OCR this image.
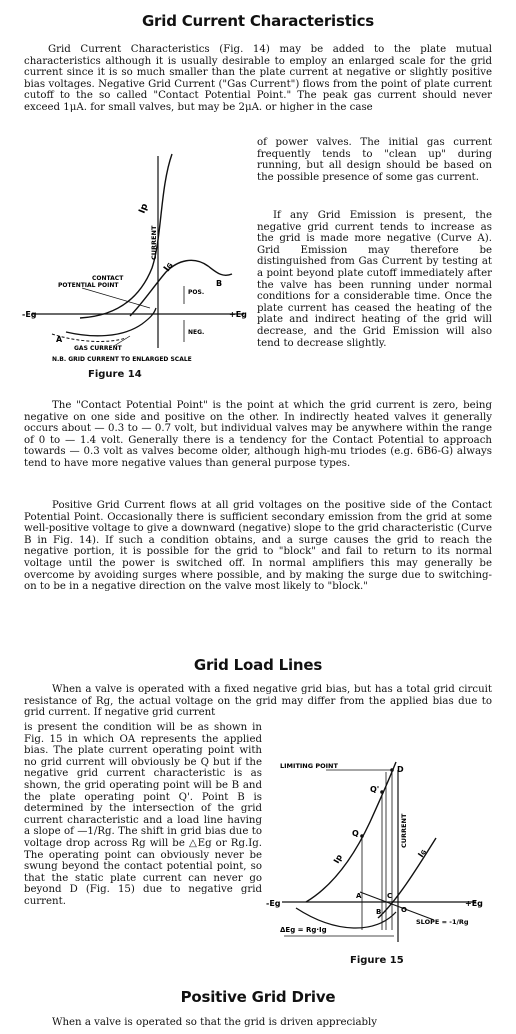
Grid Current Characteristics

Grid Current Characteristics (Fig. 14) may be added to the plate mutual characteristics although it is usually desirable to employ an enlarged scale for the grid current since it is so much smaller than the plate current at negative or slightly positive bias voltages. Negative Grid Current ("Gas Current") flows from the point of plate current cutoff to the so called "Contact Potential Point." The peak gas current should never exceed 1μA. for small valves, but may be 2μA. or higher in the case

of power valves. The initial gas current frequently tends to "clean up" during running, but all design should be based on the possible presence of some gas current.

If any Grid Emission is present, the negative grid current tends to increase as the grid is made more negative (Curve A). Grid Emission may therefore be distinguished from Gas Current by testing at a point beyond plate cutoff immediately after the valve has been running under normal conditions for a considerable time. Once the plate current has ceased the heating of the plate and indirect heating of the grid will decrease, and the Grid Emission will also tend to decrease slightly.

Iр
Iɢ
CURRENT
CONTACT
POTENTIAL POINT
POS.
NEG.
B
A
GAS CURRENT
-Eg	+Eg
N.B. GRID CURRENT TO ENLARGED SCALE
Figure 14

The "Contact Potential Point" is the point at which the grid current is zero, being negative on one side and positive on the other. In indirectly heated valves it generally occurs about — 0.3 to — 0.7 volt, but individual valves may be anywhere within the range of 0 to — 1.4 volt. Generally there is a tendency for the Contact Potential to approach towards — 0.3 volt as valves become older, although high-mu triodes (e.g. 6B6-G) always tend to have more negative values than general purpose types.

Positive Grid Current flows at all grid voltages on the positive side of the Contact Potential Point. Occasionally there is sufficient secondary emission from the grid at some well-positive voltage to give a downward (negative) slope to the grid characteristic (Curve B in Fig. 14). If such a condition obtains, and a surge causes the grid to reach the negative portion, it is possible for the grid to "block" and fail to return to its normal voltage until the power is switched off. In normal amplifiers this may generally be overcome by avoiding surges where possible, and by making the surge due to switching-on to be in a negative direction on the valve most likely to "block."

Grid Load Lines

When a valve is operated with a fixed negative grid bias, but has a total grid circuit resistance of Rg, the actual voltage on the grid may differ from the applied bias due to grid current. If negative grid current

is present the condition will be as shown in Fig. 15 in which OA represents the applied bias. The plate current operating point with no grid current will obviously be Q but if the negative grid current characteristic is as shown, the grid operating point will be B and the plate operating point Q'. Point B is determined by the intersection of the grid current characteristic and a load line having a slope of —1/Rg. The shift in grid bias due to voltage drop across Rg will be △Eg or Rg.Ig. The operating point can obviously never be swung beyond the contact potential point, so that the static plate current can never go beyond D (Fig. 15) due to negative grid current.

LIMITING POINT	D
Q'
Q	CURRENT
Iр	Iɢ
-Eg	+Eg
A
B
C
O
SLOPE = -1/Rg
ΔEg = Rg·Ig
Figure 15
Positive Grid Drive

When a valve is operated so that the grid is driven appreciably
